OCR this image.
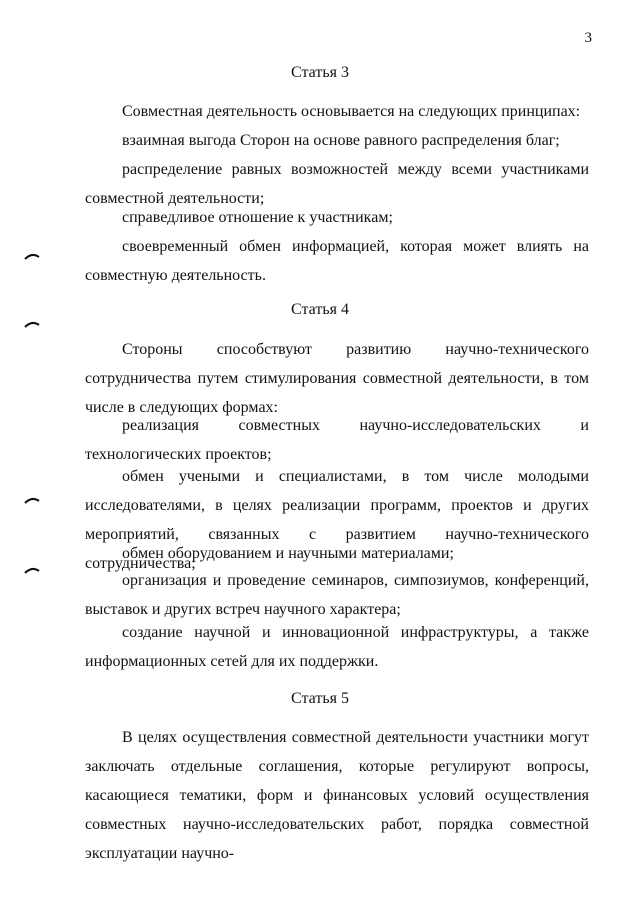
3
Статья 3

Совместная деятельность основывается на следующих принципах:

взаимная выгода Сторон на основе равного распределения благ;

распределение равных возможностей между всеми участниками совместной деятельности;

справедливое отношение к участникам;

своевременный обмен информацией, которая может влиять на совместную деятельность.

Статья 4

Стороны способствуют развитию научно-технического сотрудничества путем стимулирования совместной деятельности, в том числе в следующих формах:

реализация совместных научно-исследовательских и технологических проектов;

обмен учеными и специалистами, в том числе молодыми исследователями, в целях реализации программ, проектов и других мероприятий, связанных с развитием научно-технического сотрудничества;

обмен оборудованием и научными материалами;

организация и проведение семинаров, симпозиумов, конференций, выставок и других встреч научного характера;

создание научной и инновационной инфраструктуры, а также информационных сетей для их поддержки.

Статья 5

В целях осуществления совместной деятельности участники могут заключать отдельные соглашения, которые регулируют вопросы, касающиеся тематики, форм и финансовых условий осуществления совместных научно-исследовательских работ, порядка совместной эксплуатации научно-
